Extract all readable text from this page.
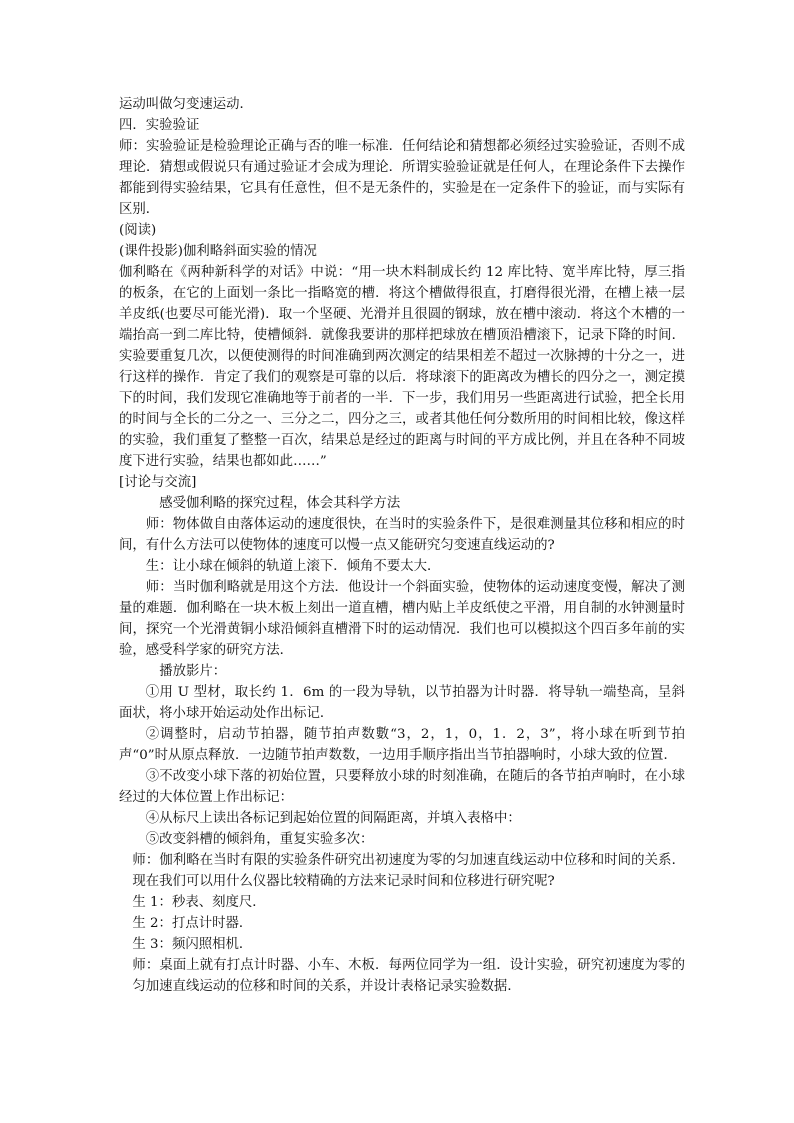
运动叫做匀变速运动．

四．实验验证

师：实验验证是检验理论正确与否的唯一标准．任何结论和猜想都必须经过实验验证，否则不成理论．猜想或假说只有通过验证才会成为理论．所谓实验验证就是任何人，在理论条件下去操作都能到得实验结果，它具有任意性，但不是无条件的，实验是在一定条件下的验证，而与实际有区别．

(阅读)

(课件投影)伽利略斜面实验的情况

伽利略在《两种新科学的对话》中说：“用一块木料制成长约 12 库比特、宽半库比特，厚三指的板条，在它的上面划一条比一指略宽的槽．将这个槽做得很直，打磨得很光滑，在槽上裱一层羊皮纸(也要尽可能光滑)．取一个坚硬、光滑并且很圆的钢球，放在槽中滚动．将这个木槽的一端抬高一到二库比特，使槽倾斜．就像我要讲的那样把球放在槽顶沿槽滚下，记录下降的时间．实验要重复几次，以便使测得的时间准确到两次测定的结果相差不超过一次脉搏的十分之一，进行这样的操作．肯定了我们的观察是可靠的以后．将球滚下的距离改为槽长的四分之一，测定摸下的时间，我们发现它准确地等于前者的一半．下一步，我们用另一些距离进行试验，把全长用的时间与全长的二分之一、三分之二，四分之三，或者其他任何分数所用的时间相比较，像这样的实验，我们重复了整整一百次，结果总是经过的距离与时间的平方成比例，并且在各种不同坡度下进行实验，结果也都如此……”

[讨论与交流]

感受伽利略的探究过程，体会其科学方法

师：物体做自由落体运动的速度很快，在当时的实验条件下，是很难测量其位移和相应的时间，有什么方法可以使物体的速度可以慢一点又能研究匀变速直线运动的?

生：让小球在倾斜的轨道上滚下．倾角不要太大．

师：当时伽利略就是用这个方法．他设计一个斜面实验，使物体的运动速度变慢，解决了测量的难题．伽利略在一块木板上刻出一道直槽，槽内贴上羊皮纸使之平滑，用自制的水钟测量时间，探究一个光滑黄铜小球沿倾斜直槽滑下时的运动情况．我们也可以模拟这个四百多年前的实验，感受科学家的研究方法．

播放影片：

①用 U 型材，取长约 1．6m 的一段为导轨，以节拍器为计时器．将导轨一端垫高，呈斜面状，将小球开始运动处作出标记．

②调整时，启动节拍器，随节拍声数數“3，2，1，0，1．2，3”，将小球在听到节拍声“0”时从原点释放．一边随节拍声数数，一边用手顺序指出当节拍器响时，小球大致的位置．

③不改变小球下落的初始位置，只要释放小球的时刻准确，在随后的各节拍声响时，在小球经过的大体位置上作出标记：

④从标尺上读出各标记到起始位置的间隔距离，并填入表格中：

⑤改变斜槽的倾斜角，重复实验多次：

师：伽利略在当时有限的实验条件研究出初速度为零的匀加速直线运动中位移和时间的关系．现在我们可以用什么仪器比较精确的方法来记录时间和位移进行研究呢?

生 1：秒表、刻度尺．

生 2：打点计时器．

生 3：频闪照相机．

师：桌面上就有打点计时器、小车、木板．每两位同学为一组．设计实验，研究初速度为零的匀加速直线运动的位移和时间的关系，并设计表格记录实验数据．
